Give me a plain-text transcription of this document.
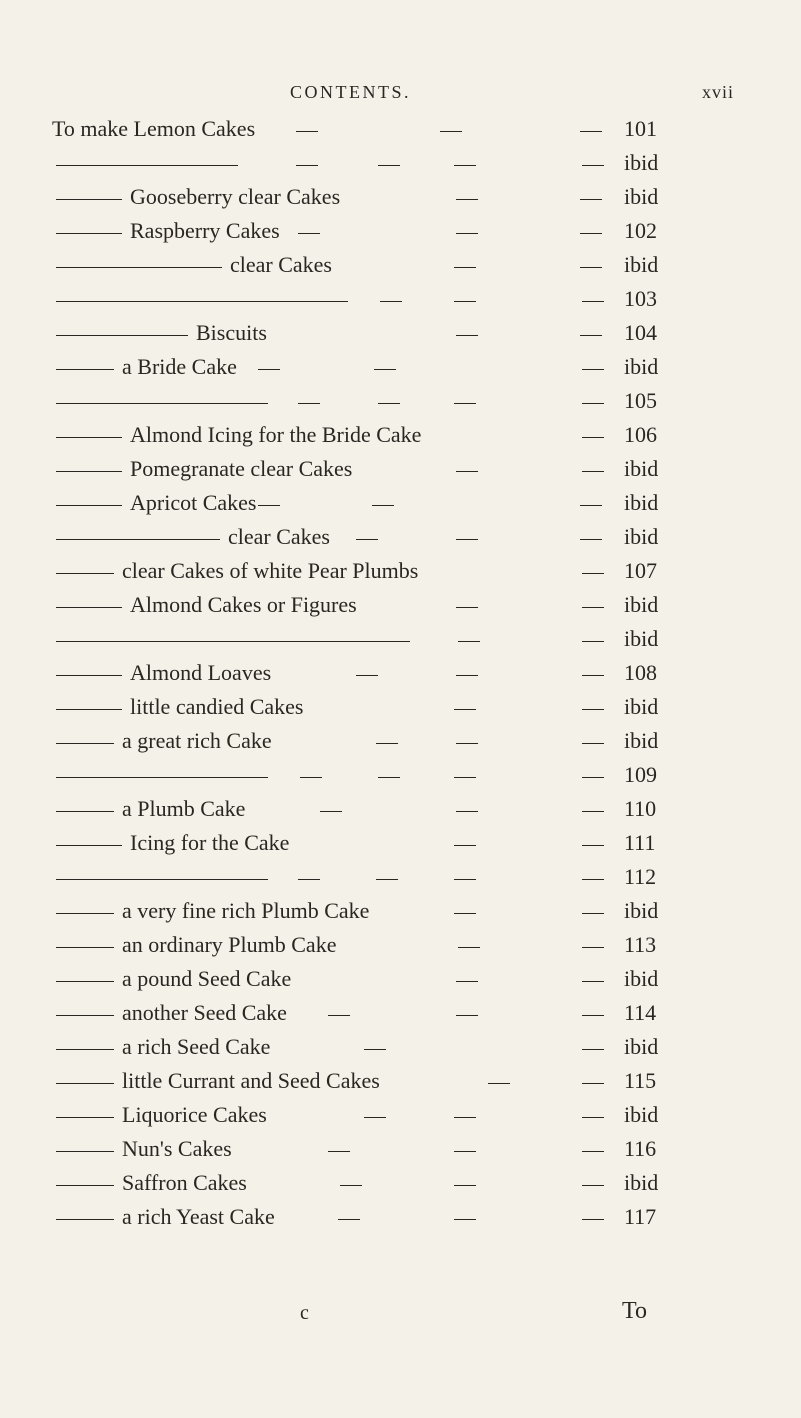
CONTENTS.	xvii
To make Lemon Cakes	101
ibid
Gooseberry clear Cakes	ibid
Raspberry Cakes	102
clear Cakes	ibid
103
Biscuits	104
a Bride Cake	ibid
105
Almond Icing for the Bride Cake	106
Pomegranate clear Cakes	ibid
Apricot Cakes	ibid
clear Cakes	ibid
clear Cakes of white Pear Plumbs	107
Almond Cakes or Figures	ibid
ibid
Almond Loaves	108
little candied Cakes	ibid
a great rich Cake	ibid
109
a Plumb Cake	110
Icing for the Cake	111
112
a very fine rich Plumb Cake	ibid
an ordinary Plumb Cake	113
a pound Seed Cake	ibid
another Seed Cake	114
a rich Seed Cake	ibid
little Currant and Seed Cakes	115
Liquorice Cakes	ibid
Nun's Cakes	116
Saffron Cakes	ibid
a rich Yeast Cake	117
c	To
